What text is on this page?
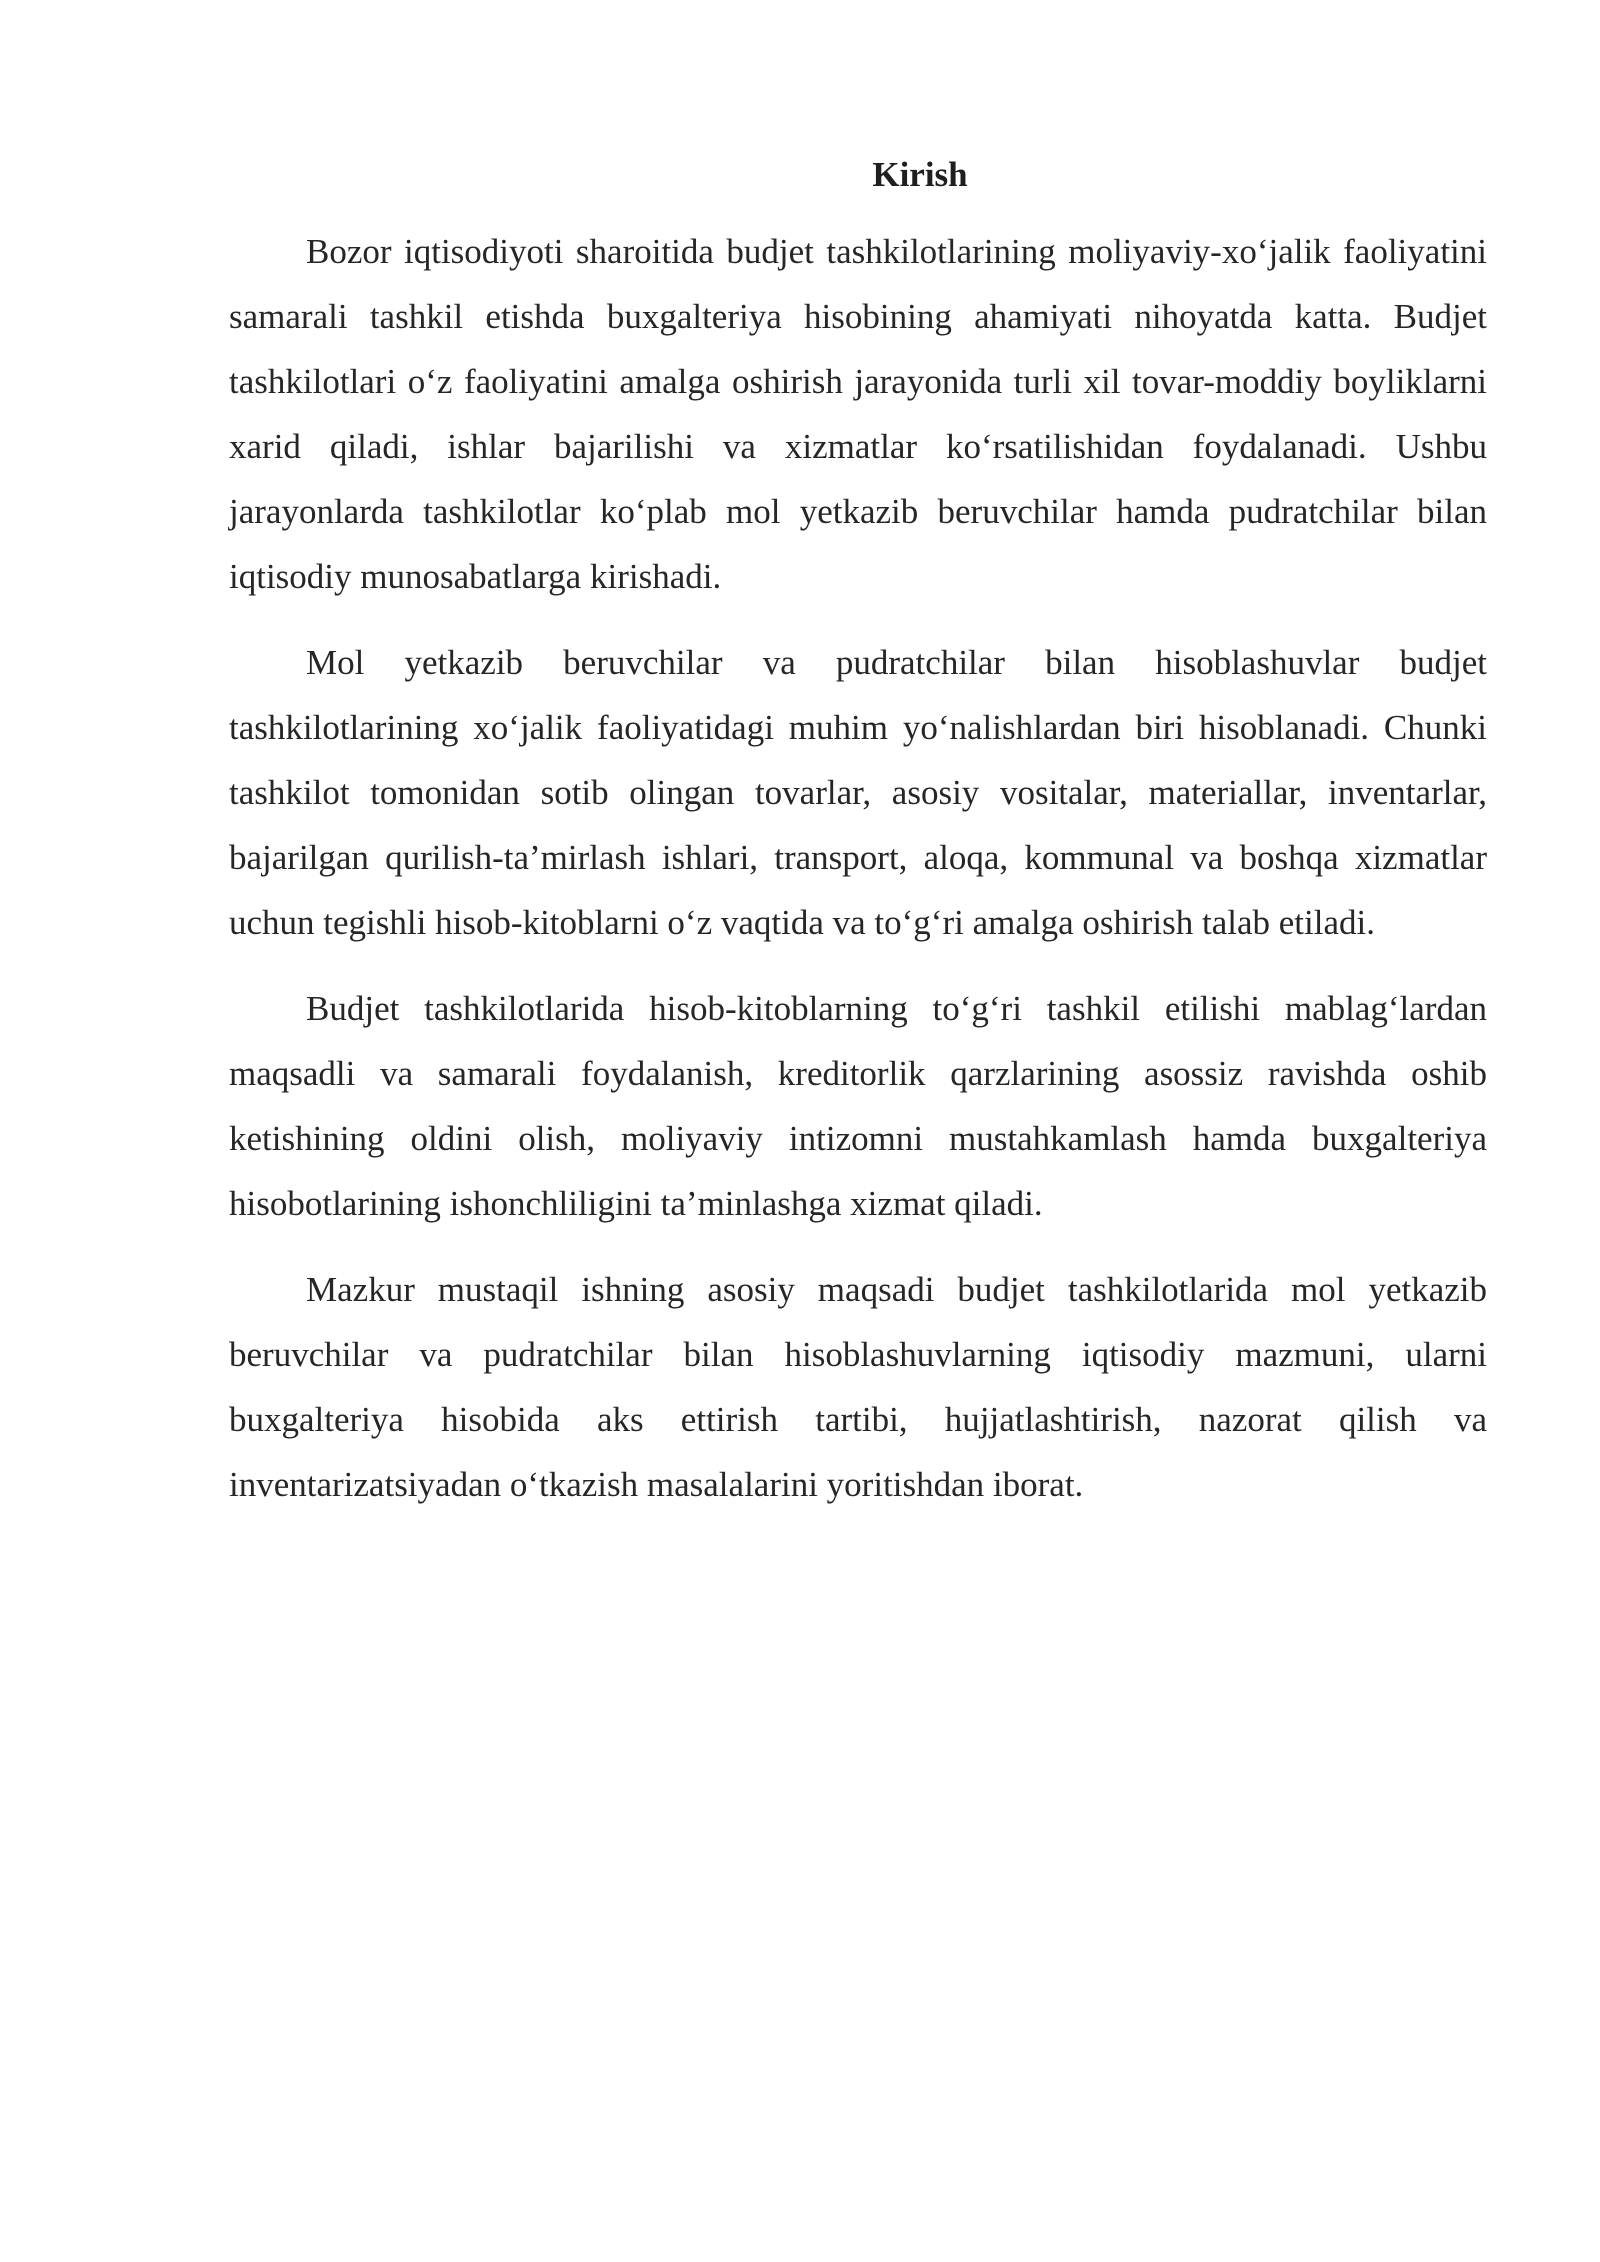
Kirish

Bozor iqtisodiyoti sharoitida budjet tashkilotlarining moliyaviy-xo‘jalik faoliyatini samarali tashkil etishda buxgalteriya hisobining ahamiyati nihoyatda katta. Budjet tashkilotlari o‘z faoliyatini amalga oshirish jarayonida turli xil tovar-moddiy boyliklarni xarid qiladi, ishlar bajarilishi va xizmatlar ko‘rsatilishidan foydalanadi. Ushbu jarayonlarda tashkilotlar ko‘plab mol yetkazib beruvchilar hamda pudratchilar bilan iqtisodiy munosabatlarga kirishadi.

Mol yetkazib beruvchilar va pudratchilar bilan hisoblashuvlar budjet tashkilotlarining xo‘jalik faoliyatidagi muhim yo‘nalishlardan biri hisoblanadi. Chunki tashkilot tomonidan sotib olingan tovarlar, asosiy vositalar, materiallar, inventarlar, bajarilgan qurilish-ta’mirlash ishlari, transport, aloqa, kommunal va boshqa xizmatlar uchun tegishli hisob-kitoblarni o‘z vaqtida va to‘g‘ri amalga oshirish talab etiladi.

Budjet tashkilotlarida hisob-kitoblarning to‘g‘ri tashkil etilishi mablag‘lardan maqsadli va samarali foydalanish, kreditorlik qarzlarining asossiz ravishda oshib ketishining oldini olish, moliyaviy intizomni mustahkamlash hamda buxgalteriya hisobotlarining ishonchliligini ta’minlashga xizmat qiladi.

Mazkur mustaqil ishning asosiy maqsadi budjet tashkilotlarida mol yetkazib beruvchilar va pudratchilar bilan hisoblashuvlarning iqtisodiy mazmuni, ularni buxgalteriya hisobida aks ettirish tartibi, hujjatlashtirish, nazorat qilish va inventarizatsiyadan o‘tkazish masalalarini yoritishdan iborat.
